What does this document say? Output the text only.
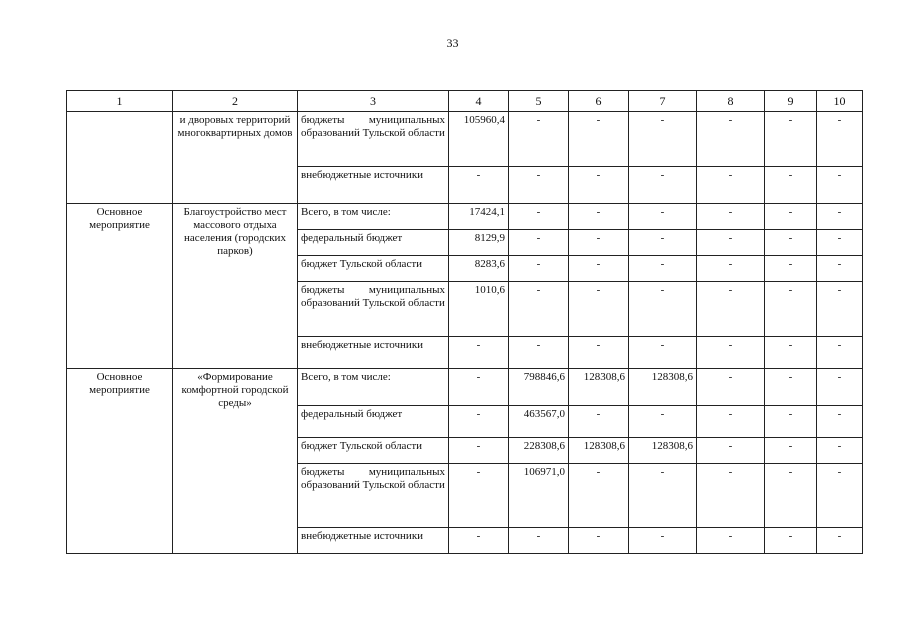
33
1	2	3	4	5	6	7	8	9	10
	и дворовых территорий многоквартирных домов	бюджеты муниципальных образований Тульской области	105960,4	-	-	-	-	-	-
		внебюджетные источники	-	-	-	-	-	-	-
Основное мероприятие	Благоустройство мест массового отдыха населения (городских парков)	Всего, в том числе:	17424,1	-	-	-	-	-	-
		федеральный бюджет	8129,9	-	-	-	-	-	-
		бюджет Тульской области	8283,6	-	-	-	-	-	-
		бюджеты муниципальных образований Тульской области	1010,6	-	-	-	-	-	-
		внебюджетные источники	-	-	-	-	-	-	-
Основное мероприятие	«Формирование комфортной городской среды»	Всего, в том числе:	-	798846,6	128308,6	128308,6	-	-	-
		федеральный бюджет	-	463567,0	-	-	-	-	-
		бюджет Тульской области	-	228308,6	128308,6	128308,6	-	-	-
		бюджеты муниципальных образований Тульской области	-	106971,0	-	-	-	-	-
		внебюджетные источники	-	-	-	-	-	-	-
